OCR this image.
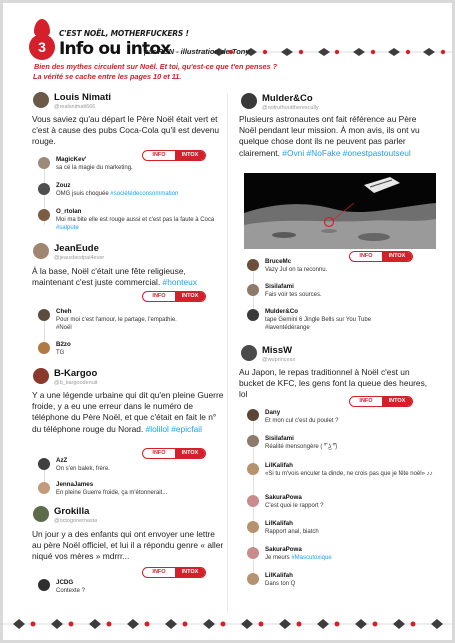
3
C'EST NOËL, MOTHERFUCKERS !
Info ou intox
par RUN - illustration de Tony
Bien des mythes circulent sur Noël. Et toi, qu'est-ce que t'en penses ?
La vérité se cache entre les pages 10 et 11.
Louis Nimati
@realsnimati666
Vous saviez qu'au départ le Père Noël était vert et c'est à cause des pubs Coca-Cola qu'il est devenu rouge.
INFO	INTOX
MagicKev'
sa cé la magie du marketing.
Zouz
OMG jsuis choquée #sociétédeconsommation
O_rtolan
Moi ma bite elle est rouge aussi et c'est pas la faute à Coca #salpute
JeanEude
@jeausbestpal4ever
À la base, Noël c'était une fête religieuse, maintenant c'est juste commercial. #honteux
INFO	INTOX
Cheh
Pour moi c'est l'amour, le partage, l'empathie.
#Noël
B2zo
TG
B-Kargoo
@b_kargoodenuit
Y a une légende urbaine qui dit qu'en pleine Guerre froide, y a eu une erreur dans le numéro de téléphone du Père Noël, et que c'était en fait le n° du téléphone rouge du Norad. #lolilol #epicfail
INFO	INTOX
AzZ
On s'en balek, frère.
JennaJames
En pleine Guerre froide, ça m'étonnerait...
Grokilla
@octogonemasta
Un jour y a des enfants qui ont envoyer une lettre au père Noël officiel, et lui il a répondu genre « aller niqué vos mères » mdrrr...
INFO	INTOX
JCDG
Contexte ?
Mulder&Co
@notruthouttherescully
Plusieurs astronautes ont fait référence au Père Noël pendant leur mission. À mon avis, ils ont vu quelque chose dont ils ne peuvent pas parler clairement. #Ovni #NoFake #onestpastoutseul
INFO	INTOX
BruceMc
Vazy Jul on ta reconnu.
Sisilafami
Fais voir tes sources.
Mulder&Co
tape Gemini 6 Jingle Bells sur You Tube
#laventédérange
MissW
@wuprincess
Au Japon, le repas traditionnel à Noël c'est un bucket de KFC, les gens font la queue des heures, lol
INFO	INTOX
Dany
Et mon cul c'est du poulet ?
Sisilafami
Réalité mensongère ( ͡° ͜ʖ ͡°)
LilKalifah
«Si tu m'vois enculer ta dinde, ne crois pas que je fête noël» ♪♪
SakuraPowa
C'est quoi le rapport ?
LilKalifah
Rapport anal, biatch
SakuraPowa
Je meurs #Mascutoxique
LilKalifah
Dans ton Q
